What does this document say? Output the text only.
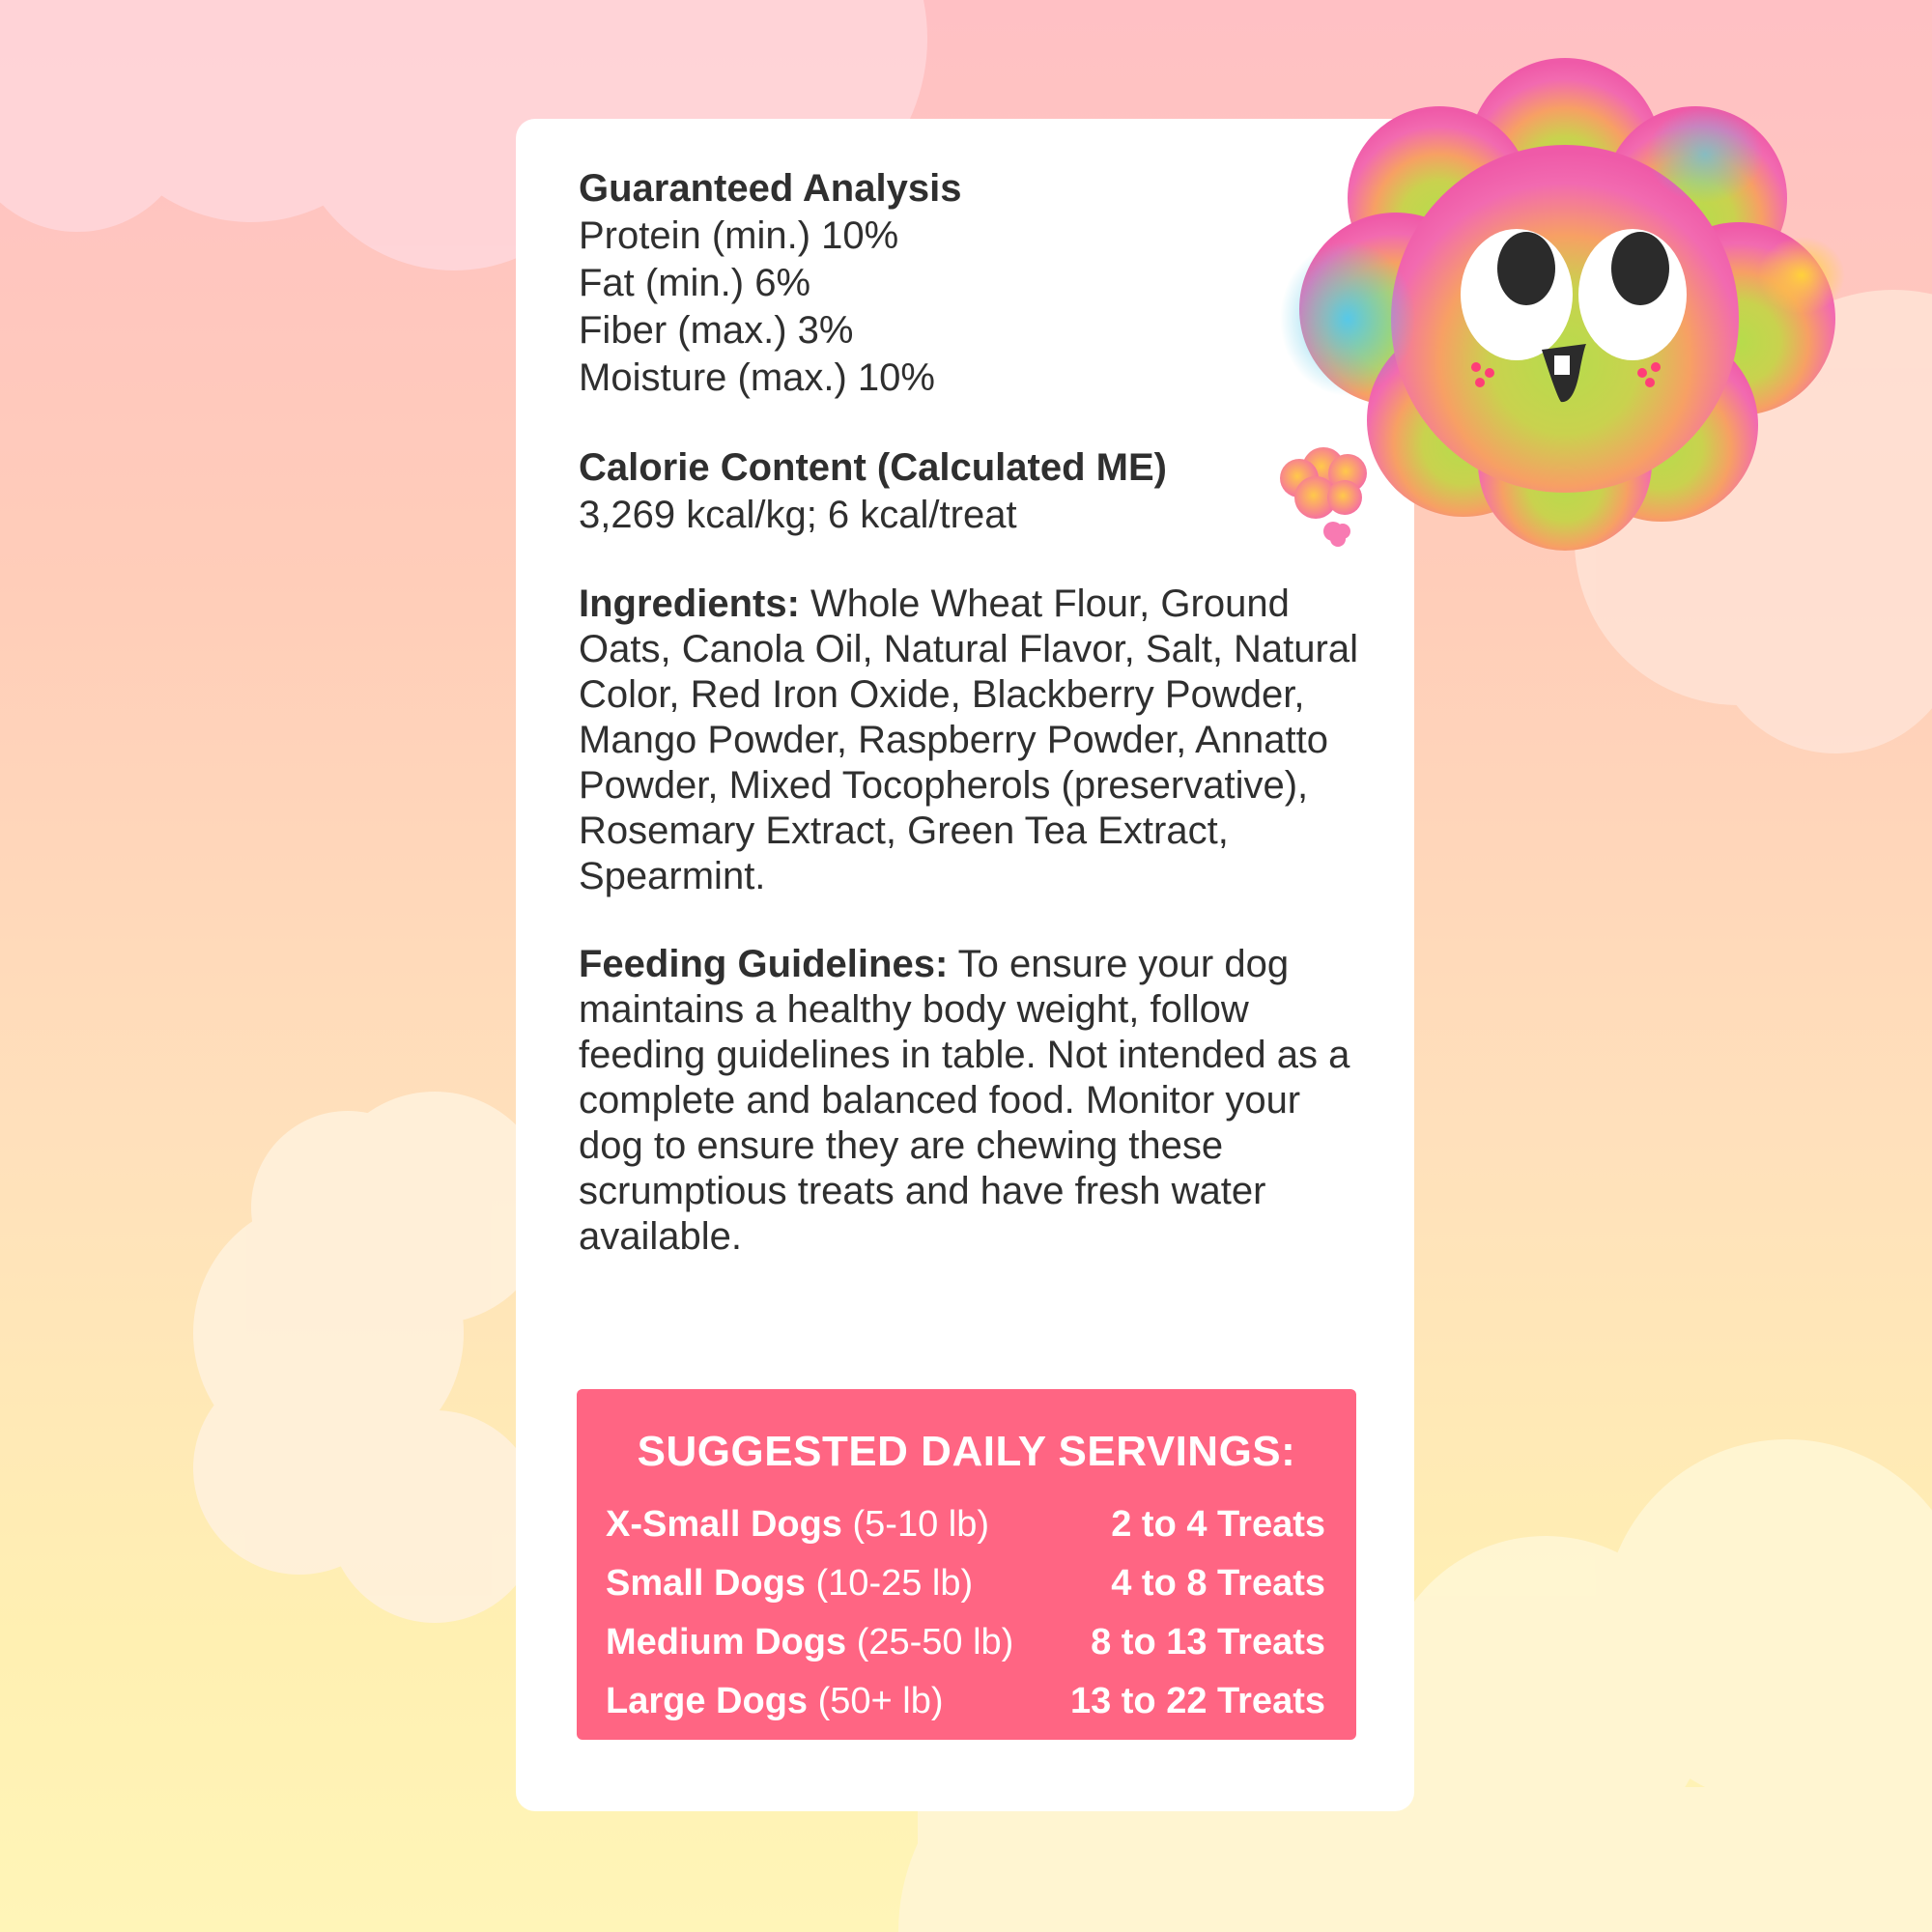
Guaranteed Analysis
Protein (min.) 10%
Fat (min.) 6%
Fiber (max.) 3%
Moisture (max.) 10%
Calorie Content (Calculated ME)
3,269 kcal/kg; 6 kcal/treat
Ingredients: Whole Wheat Flour, Ground Oats, Canola Oil, Natural Flavor, Salt, Natural Color, Red Iron Oxide, Blackberry Powder, Mango Powder, Raspberry Powder, Annatto Powder, Mixed Tocopherols (preservative), Rosemary Extract, Green Tea Extract, Spearmint.
Feeding Guidelines: To ensure your dog maintains a healthy body weight, follow feeding guidelines in table. Not intended as a complete and balanced food. Monitor your dog to ensure they are chewing these scrumptious treats and have fresh water available.
SUGGESTED DAILY SERVINGS:
X-Small Dogs (5-10 lb)	2 to 4 Treats
Small Dogs (10-25 lb)	4 to 8 Treats
Medium Dogs (25-50 lb) 8 to 13 Treats
Large Dogs (50+ lb)	13 to 22 Treats
